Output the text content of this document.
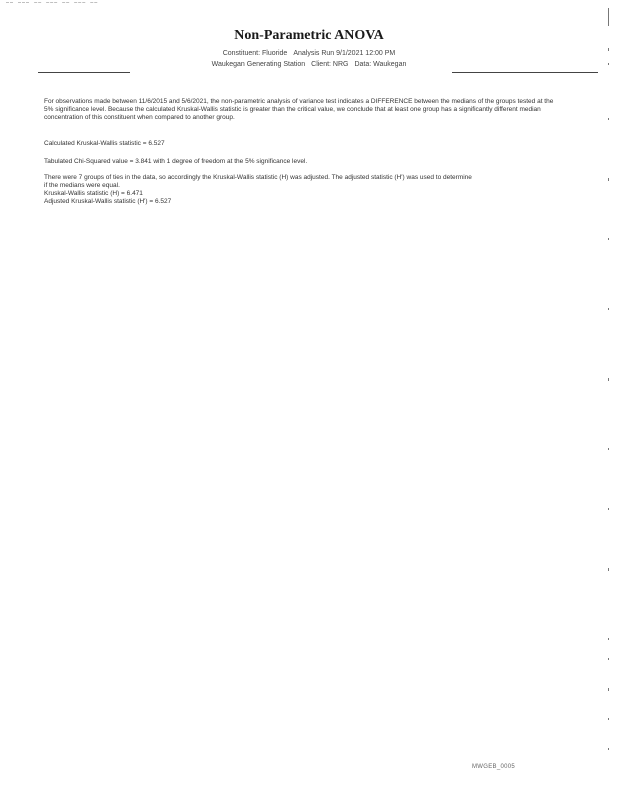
—— ——— —— ——— —— ——— ——
Non-Parametric ANOVA
Constituent: Fluoride Analysis Run 9/1/2021 12:00 PM
Waukegan Generating Station Client: NRG Data: Waukegan

For observations made between 11/6/2015 and 5/6/2021, the non-parametric analysis of variance test indicates a DIFFERENCE between the medians of the groups tested at the 5% significance level. Because the calculated Kruskal-Wallis statistic is greater than the critical value, we conclude that at least one group has a significantly different median concentration of this constituent when compared to another group.

Calculated Kruskal-Wallis statistic = 6.527

Tabulated Chi-Squared value = 3.841 with 1 degree of freedom at the 5% significance level.

There were 7 groups of ties in the data, so accordingly the Kruskal-Wallis statistic (H) was adjusted. The adjusted statistic (H') was used to determine

if the medians were equal.

Kruskal-Wallis statistic (H) = 6.471

Adjusted Kruskal-Wallis statistic (H') = 6.527

MWGEB_0005
